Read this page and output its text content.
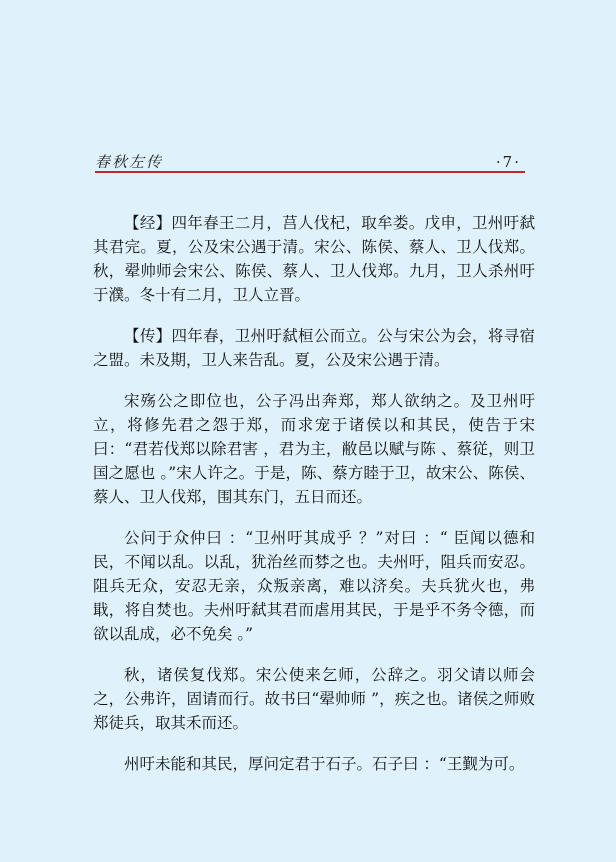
春秋左传	·7·

【经】四年春王二月，莒人伐杞，取牟娄。戊申，卫州吁弑其君完。夏，公及宋公遇于清。宋公、陈侯、蔡人、卫人伐郑。秋，翚帅师会宋公、陈侯、蔡人、卫人伐郑。九月，卫人杀州吁于濮。冬十有二月，卫人立晋。

【传】四年春，卫州吁弑桓公而立。公与宋公为会，将寻宿之盟。未及期，卫人来告乱。夏，公及宋公遇于清。

宋殇公之即位也，公子冯出奔郑，郑人欲纳之。及卫州吁立，将修先君之怨于郑，而求宠于诸侯以和其民，使告于宋曰：“君若伐郑以除君害 ，君为主，敝邑以赋与陈 、蔡従，则卫国之愿也 。”宋人许之。于是，陈、蔡方睦于卫，故宋公、陈侯、蔡人、卫人伐郑，围其东门，五日而还。

公问于众仲曰 ：“卫州吁其成乎 ？”对曰 ：“ 臣闻以德和民，不闻以乱。以乱，犹治丝而棼之也。夫州吁，阻兵而安忍。阻兵无众，安忍无亲，众叛亲离，难以济矣。夫兵犹火也，弗戢，将自焚也。夫州吁弑其君而虐用其民，于是乎不务令德，而欲以乱成，必不免矣 。”

秋，诸侯复伐郑。宋公使来乞师，公辞之。羽父请以师会之，公弗许，固请而行。故书曰“翚帅师 ”，疾之也。诸侯之师败郑徒兵，取其禾而还。

州吁未能和其民，厚问定君于石子。石子曰 ：“王觐为可。
